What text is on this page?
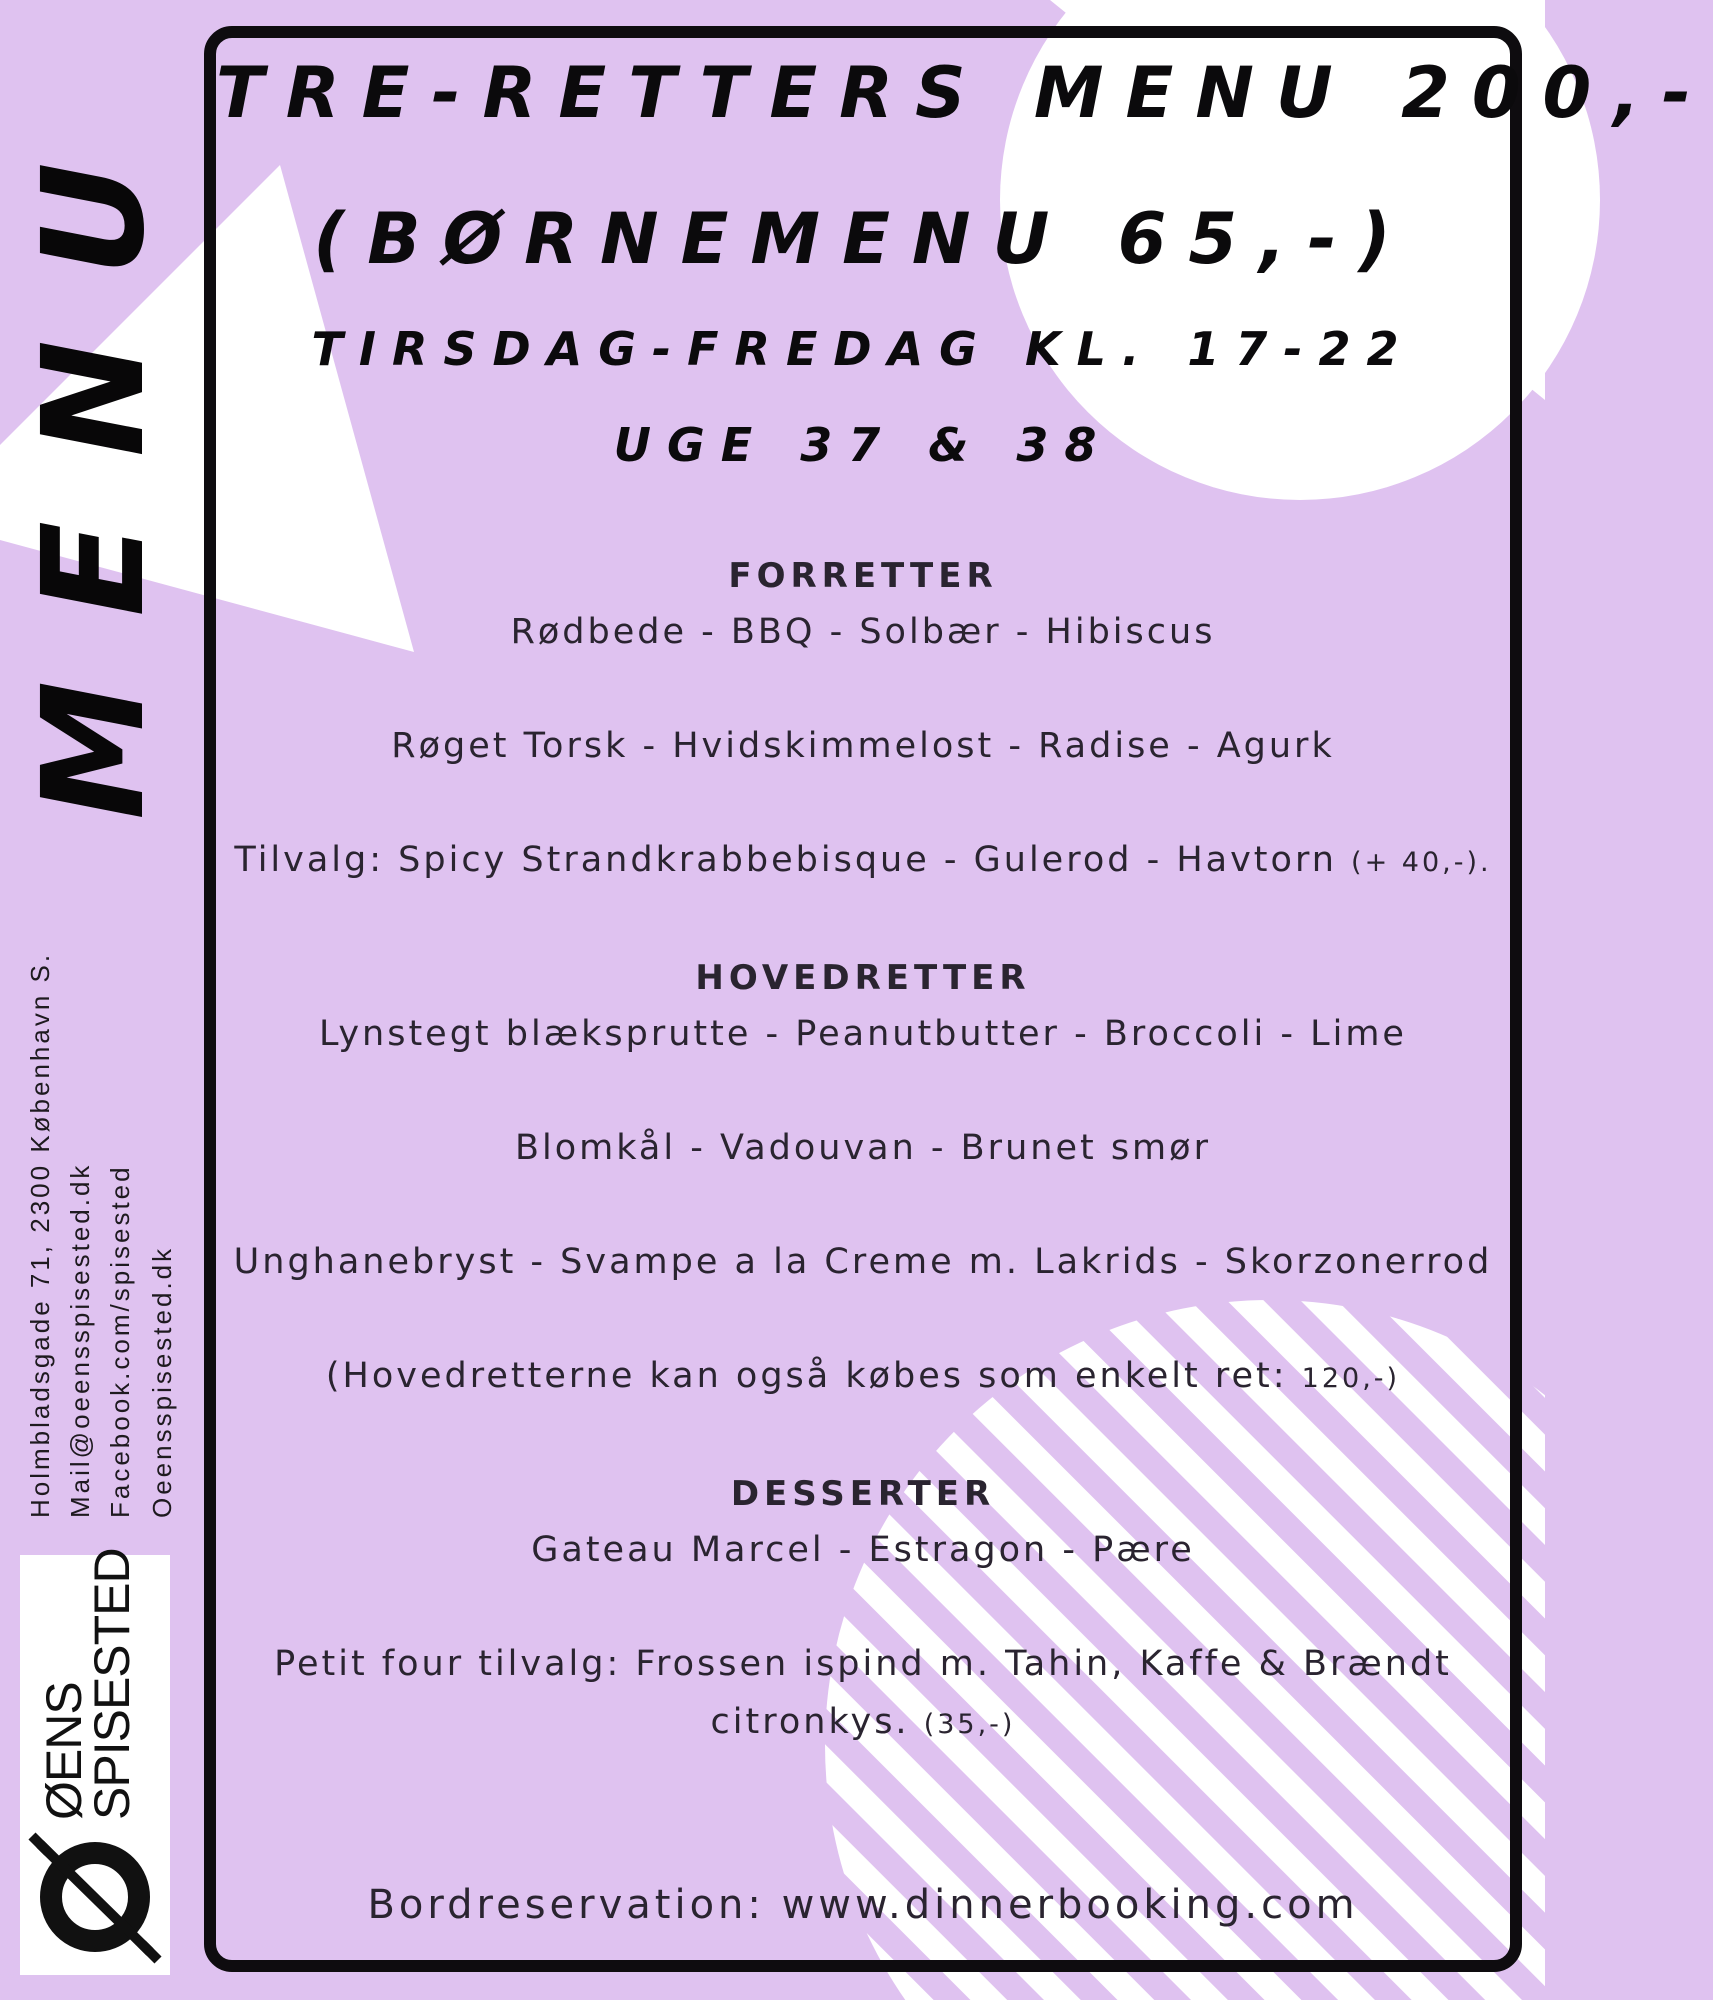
MENU
Holmbladsgade 71, 2300 København S. Mail@oeensspisested.dk Facebook.com/spisested Oeensspisested.dk
ØENS
SPISESTED
TRE-RETTERS MENU 200,-
(BØRNEMENU 65,-)
TIRSDAG-FREDAG KL. 17-22
UGE 37 & 38
FORRETTER
Rødbede - BBQ - Solbær - Hibiscus
Røget Torsk - Hvidskimmelost - Radise - Agurk
Tilvalg: Spicy Strandkrabbebisque - Gulerod - Havtorn (+ 40,-).
HOVEDRETTER
Lynstegt blæksprutte - Peanutbutter - Broccoli - Lime
Blomkål - Vadouvan - Brunet smør
Unghanebryst - Svampe a la Creme m. Lakrids - Skorzonerrod
(Hovedretterne kan også købes som enkelt ret: 120,-)
DESSERTER
Gateau Marcel - Estragon - Pære
Petit four tilvalg: Frossen ispind m. Tahin, Kaffe & Brændt
citronkys. (35,-)
Bordreservation: www.dinnerbooking.com
